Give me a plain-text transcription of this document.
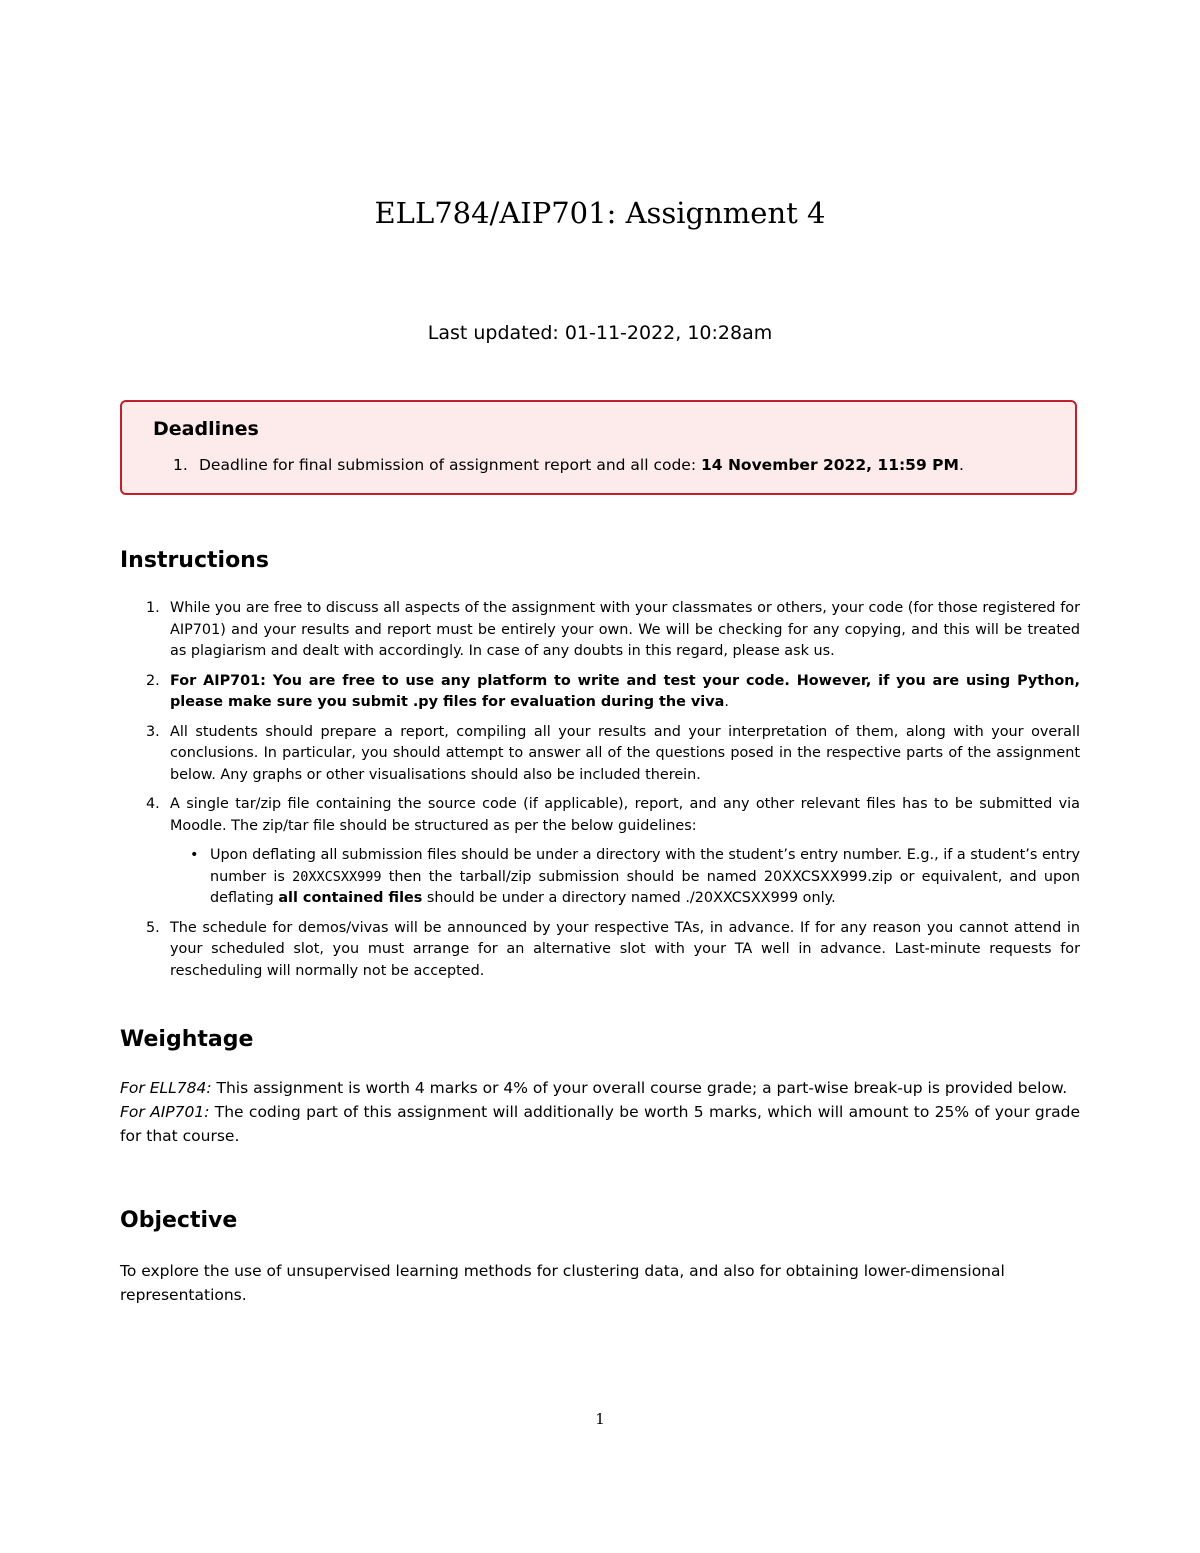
ELL784/AIP701: Assignment 4
Last updated: 01-11-2022, 10:28am
Deadlines
1. Deadline for final submission of assignment report and all code: 14 November 2022, 11:59 PM.
Instructions
1. While you are free to discuss all aspects of the assignment with your classmates or others, your code (for those registered for AIP701) and your results and report must be entirely your own. We will be checking for any copying, and this will be treated as plagiarism and dealt with accordingly. In case of any doubts in this regard, please ask us.
2. For AIP701: You are free to use any platform to write and test your code. However, if you are using Python, please make sure you submit .py files for evaluation during the viva.
3. All students should prepare a report, compiling all your results and your interpretation of them, along with your overall conclusions. In particular, you should attempt to answer all of the questions posed in the respective parts of the assignment below. Any graphs or other visualisations should also be included therein.
4. A single tar/zip file containing the source code (if applicable), report, and any other relevant files has to be submitted via Moodle. The zip/tar file should be structured as per the below guidelines:
• Upon deflating all submission files should be under a directory with the student’s entry number. E.g., if a student’s entry number is 20XXCSXX999 then the tarball/zip submission should be named 20XXCSXX999.zip or equivalent, and upon deflating all contained files should be under a directory named ./20XXCSXX999 only.
5. The schedule for demos/vivas will be announced by your respective TAs, in advance. If for any reason you cannot attend in your scheduled slot, you must arrange for an alternative slot with your TA well in advance. Last-minute requests for rescheduling will normally not be accepted.
Weightage
For ELL784: This assignment is worth 4 marks or 4% of your overall course grade; a part-wise break-up is provided below.
For AIP701: The coding part of this assignment will additionally be worth 5 marks, which will amount to 25% of your grade for that course.
Objective
To explore the use of unsupervised learning methods for clustering data, and also for obtaining lower-dimensional representations.
1
